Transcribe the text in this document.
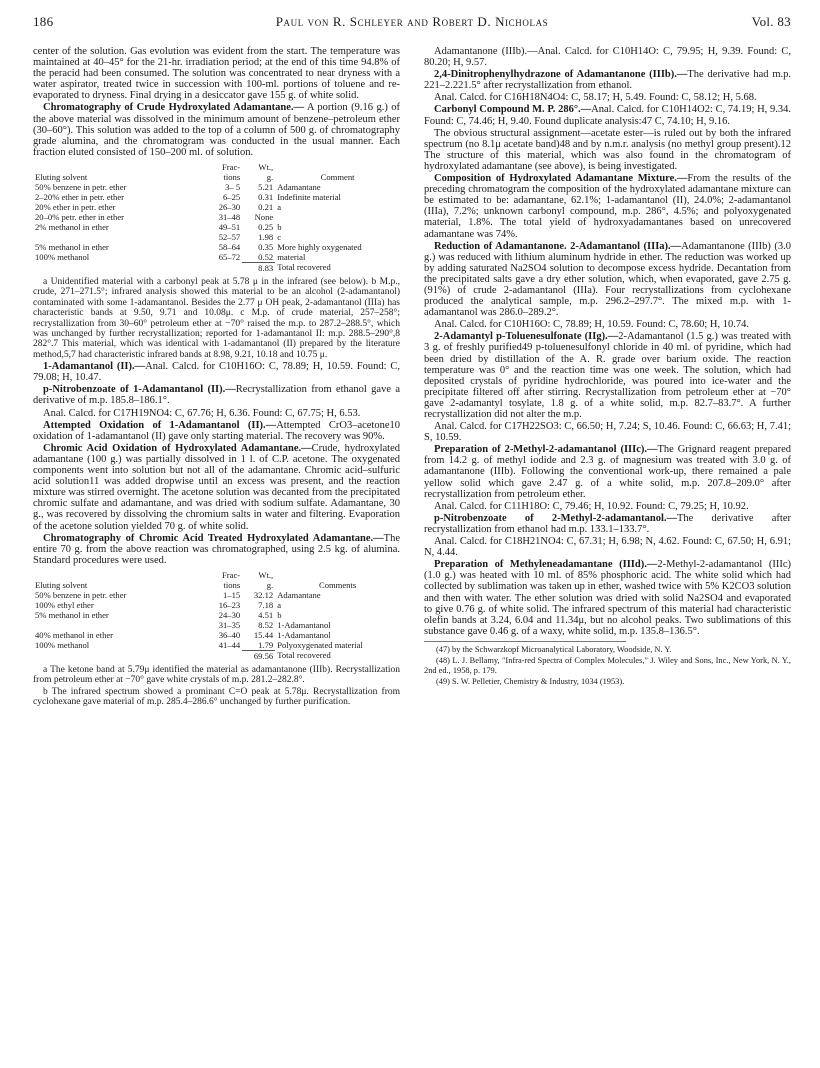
186	Paul von R. Schleyer and Robert D. Nicholas	Vol. 83

center of the solution. Gas evolution was evident from the start. The temperature was maintained at 40–45° for the 21-hr. irradiation period; at the end of this time 94.8% of the peracid had been consumed. The solution was concentrated to near dryness with a water aspirator, treated twice in succession with 100-ml. portions of toluene and re-evaporated to dryness. Final drying in a desiccator gave 155 g. of white solid.

Chromatography of Crude Hydroxylated Adamantane.— A portion (9.16 g.) of the above material was dissolved in the minimum amount of benzene–petroleum ether (30–60°). This solution was added to the top of a column of 500 g. of chromatography grade alumina, and the chromatogram was conducted in the usual manner. Each fraction eluted consisted of 150–200 ml. of solution.

Eluting solvent	Frac-
tions	Wt.,
g.	Comment
50% benzene in petr. ether	3– 5	5.21	Adamantane
2–20% ether in petr. ether	6–25	0.31	Indefinite material
20% ether in petr. ether	26–30	0.21	a
20–0% petr. ether in ether	31–48	None	
2% methanol in ether	49–51	0.25	b
	52–57	1.98	c
5% methanol in ether	58–64	0.35	More highly oxygenated
100% methanol	65–72	0.52	material
		8.83	Total recovered

a Unidentified material with a carbonyl peak at 5.78 μ in the infrared (see below). b M.p., crude, 271–271.5°; infrared analysis showed this material to be an alcohol (2-adamantanol) contaminated with some 1-adamantanol. Besides the 2.77 μ OH peak, 2-adamantanol (IIIa) has characteristic bands at 9.50, 9.71 and 10.08μ. c M.p. of crude material, 257–258°; recrystallization from 30–60° petroleum ether at −70° raised the m.p. to 287.2–288.5°, which was unchanged by further recrystallization; reported for 1-adamantanol II: m.p. 288.5–290°,8 282°.7 This material, which was identical with 1-adamantanol (II) prepared by the literature method,5,7 had characteristic infrared bands at 8.98, 9.21, 10.18 and 10.75 μ.

1-Adamantanol (II).—Anal. Calcd. for C10H16O: C, 78.89; H, 10.59. Found: C, 79.08; H, 10.47.

p-Nitrobenzoate of 1-Adamantanol (II).—Recrystallization from ethanol gave a derivative of m.p. 185.8–186.1°.

Anal. Calcd. for C17H19NO4: C, 67.76; H, 6.36. Found: C, 67.75; H, 6.53.

Attempted Oxidation of 1-Adamantanol (II).—Attempted CrO3–acetone10 oxidation of 1-adamantanol (II) gave only starting material. The recovery was 90%.

Chromic Acid Oxidation of Hydroxylated Adamantane.—Crude, hydroxylated adamantane (100 g.) was partially dissolved in 1 l. of C.P. acetone. The oxygenated components went into solution but not all of the adamantane. Chromic acid–sulfuric acid solution11 was added dropwise until an excess was present, and the reaction mixture was stirred overnight. The acetone solution was decanted from the precipitated chromic sulfate and adamantane, and was dried with sodium sulfate. Adamantane, 30 g., was recovered by dissolving the chromium salts in water and filtering. Evaporation of the acetone solution yielded 70 g. of white solid.

Chromatography of Chromic Acid Treated Hydroxylated Adamantane.—The entire 70 g. from the above reaction was chromatographed, using 2.5 kg. of alumina. Standard procedures were used.

Eluting solvent	Frac-
tions	Wt.,
g.	Comments
50% benzene in petr. ether	1–15	32.12	Adamantane
100% ethyl ether	16–23	7.18	a
5% methanol in ether	24–30	4.51	b
	31–35	8.52	1-Adamantanol
40% methanol in ether	36–40	15.44	1-Adamantanol
100% methanol	41–44	1.79	Polyoxygenated material
		69.56	Total recovered

a The ketone band at 5.79μ identified the material as adamantanone (IIIb). Recrystallization from petroleum ether at −70° gave white crystals of m.p. 281.2–282.8°.

b The infrared spectrum showed a prominant C=O peak at 5.78μ. Recrystallization from cyclohexane gave material of m.p. 285.4–286.6° unchanged by further purification.

Adamantanone (IIIb).—Anal. Calcd. for C10H14O: C, 79.95; H, 9.39. Found: C, 80.20; H, 9.57.

2,4-Dinitrophenylhydrazone of Adamantanone (IIIb).—The derivative had m.p. 221–2.221.5° after recrystallization from ethanol.

Anal. Calcd. for C16H18N4O4: C, 58.17; H, 5.49. Found: C, 58.12; H, 5.68.

Carbonyl Compound M. P. 286°.—Anal. Calcd. for C10H14O2: C, 74.19; H, 9.34. Found: C, 74.46; H, 9.40. Found duplicate analysis:47 C, 74.10; H, 9.16.

The obvious structural assignment—acetate ester—is ruled out by both the infrared spectrum (no 8.1μ acetate band)48 and by n.m.r. analysis (no methyl group present).12 The structure of this material, which was also found in the chromatogram of hydroxylated adamantane (see above), is being investigated.

Composition of Hydroxylated Adamantane Mixture.—From the results of the preceding chromatogram the composition of the hydroxylated adamantane mixture can be estimated to be: adamantane, 62.1%; 1-adamantanol (II), 24.0%; 2-adamantanol (IIIa), 7.2%; unknown carbonyl compound, m.p. 286°, 4.5%; and polyoxygenated material, 1.8%. The total yield of hydroxyadamantanes based on unrecovered adamantane was 74%.

Reduction of Adamantanone. 2-Adamantanol (IIIa).—Adamantanone (IIIb) (3.0 g.) was reduced with lithium aluminum hydride in ether. The reduction was worked up by adding saturated Na2SO4 solution to decompose excess hydride. Decantation from the precipitated salts gave a dry ether solution, which, when evaporated, gave 2.75 g. (91%) of crude 2-adamantanol (IIIa). Four recrystallizations from cyclohexane produced the analytical sample, m.p. 296.2–297.7°. The mixed m.p. with 1-adamantanol was 286.0–289.2°.

Anal. Calcd. for C10H16O: C, 78.89; H, 10.59. Found: C, 78.60; H, 10.74.

2-Adamantyl p-Toluenesulfonate (IIg).—2-Adamantanol (1.5 g.) was treated with 3 g. of freshly purified49 p-toluenesulfonyl chloride in 40 ml. of pyridine, which had been dried by distillation of the A. R. grade over barium oxide. The reaction temperature was 0° and the reaction time was one week. The solution, which had deposited crystals of pyridine hydrochloride, was poured into ice-water and the precipitate filtered off after stirring. Recrystallization from petroleum ether at −70° gave 2-adamantyl tosylate, 1.8 g. of a white solid, m.p. 82.7–83.7°. A further recrystallization did not alter the m.p.

Anal. Calcd. for C17H22SO3: C, 66.50; H, 7.24; S, 10.46. Found: C, 66.63; H, 7.41; S, 10.59.

Preparation of 2-Methyl-2-adamantanol (IIIc).—The Grignard reagent prepared from 14.2 g. of methyl iodide and 2.3 g. of magnesium was treated with 3.0 g. of adamantanone (IIIb). Following the conventional work-up, there remained a pale yellow solid which gave 2.47 g. of a white solid, m.p. 207.8–209.0° after recrystallization from petroleum ether.

Anal. Calcd. for C11H18O: C, 79.46; H, 10.92. Found: C, 79.25; H, 10.92.

p-Nitrobenzoate of 2-Methyl-2-adamantanol.—The derivative after recrystallization from ethanol had m.p. 133.1–133.7°.

Anal. Calcd. for C18H21NO4: C, 67.31; H, 6.98; N, 4.62. Found: C, 67.50; H, 6.91; N, 4.44.

Preparation of Methyleneadamantane (IIId).—2-Methyl-2-adamantanol (IIIc)(1.0 g.) was heated with 10 ml. of 85% phosphoric acid. The white solid which had collected by sublimation was taken up in ether, washed twice with 5% K2CO3 solution and then with water. The ether solution was dried with solid Na2SO4 and evaporated to give 0.76 g. of white solid. The infrared spectrum of this material had characteristic olefin bands at 3.24, 6.04 and 11.34μ, but no alcohol peaks. Two sublimations of this substance gave 0.46 g. of a waxy, white solid, m.p. 135.8–136.5°.

(47) by the Schwarzkopf Microanalytical Laboratory, Woodside, N. Y.

(48) L. J. Bellamy, "Infra-red Spectra of Complex Molecules," J. Wiley and Sons, Inc., New York, N. Y., 2nd ed., 1958, p. 179.

(49) S. W. Pelletier, Chemistry & Industry, 1034 (1953).
